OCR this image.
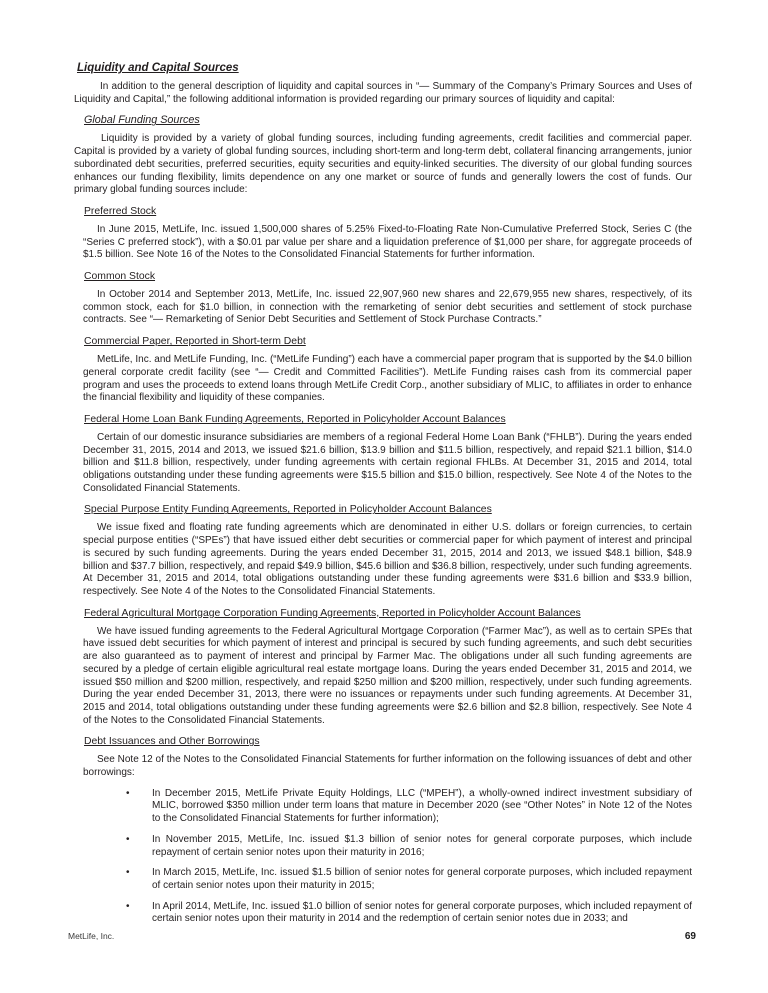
Liquidity and Capital Sources

In addition to the general description of liquidity and capital sources in “— Summary of the Company’s Primary Sources and Uses of Liquidity and Capital,” the following additional information is provided regarding our primary sources of liquidity and capital:

Global Funding Sources

Liquidity is provided by a variety of global funding sources, including funding agreements, credit facilities and commercial paper. Capital is provided by a variety of global funding sources, including short-term and long-term debt, collateral financing arrangements, junior subordinated debt securities, preferred securities, equity securities and equity-linked securities. The diversity of our global funding sources enhances our funding flexibility, limits dependence on any one market or source of funds and generally lowers the cost of funds. Our primary global funding sources include:

Preferred Stock

In June 2015, MetLife, Inc. issued 1,500,000 shares of 5.25% Fixed-to-Floating Rate Non-Cumulative Preferred Stock, Series C (the “Series C preferred stock”), with a $0.01 par value per share and a liquidation preference of $1,000 per share, for aggregate proceeds of $1.5 billion. See Note 16 of the Notes to the Consolidated Financial Statements for further information.

Common Stock

In October 2014 and September 2013, MetLife, Inc. issued 22,907,960 new shares and 22,679,955 new shares, respectively, of its common stock, each for $1.0 billion, in connection with the remarketing of senior debt securities and settlement of stock purchase contracts. See “— Remarketing of Senior Debt Securities and Settlement of Stock Purchase Contracts.”

Commercial Paper, Reported in Short-term Debt

MetLife, Inc. and MetLife Funding, Inc. (“MetLife Funding”) each have a commercial paper program that is supported by the $4.0 billion general corporate credit facility (see “— Credit and Committed Facilities”). MetLife Funding raises cash from its commercial paper program and uses the proceeds to extend loans through MetLife Credit Corp., another subsidiary of MLIC, to affiliates in order to enhance the financial flexibility and liquidity of these companies.

Federal Home Loan Bank Funding Agreements, Reported in Policyholder Account Balances

Certain of our domestic insurance subsidiaries are members of a regional Federal Home Loan Bank (“FHLB”). During the years ended December 31, 2015, 2014 and 2013, we issued $21.6 billion, $13.9 billion and $11.5 billion, respectively, and repaid $21.1 billion, $14.0 billion and $11.8 billion, respectively, under funding agreements with certain regional FHLBs. At December 31, 2015 and 2014, total obligations outstanding under these funding agreements were $15.5 billion and $15.0 billion, respectively. See Note 4 of the Notes to the Consolidated Financial Statements.

Special Purpose Entity Funding Agreements, Reported in Policyholder Account Balances

We issue fixed and floating rate funding agreements which are denominated in either U.S. dollars or foreign currencies, to certain special purpose entities (“SPEs”) that have issued either debt securities or commercial paper for which payment of interest and principal is secured by such funding agreements. During the years ended December 31, 2015, 2014 and 2013, we issued $48.1 billion, $48.9 billion and $37.7 billion, respectively, and repaid $49.9 billion, $45.6 billion and $36.8 billion, respectively, under such funding agreements. At December 31, 2015 and 2014, total obligations outstanding under these funding agreements were $31.6 billion and $33.9 billion, respectively. See Note 4 of the Notes to the Consolidated Financial Statements.

Federal Agricultural Mortgage Corporation Funding Agreements, Reported in Policyholder Account Balances

We have issued funding agreements to the Federal Agricultural Mortgage Corporation (“Farmer Mac”), as well as to certain SPEs that have issued debt securities for which payment of interest and principal is secured by such funding agreements, and such debt securities are also guaranteed as to payment of interest and principal by Farmer Mac. The obligations under all such funding agreements are secured by a pledge of certain eligible agricultural real estate mortgage loans. During the years ended December 31, 2015 and 2014, we issued $50 million and $200 million, respectively, and repaid $250 million and $200 million, respectively, under such funding agreements. During the year ended December 31, 2013, there were no issuances or repayments under such funding agreements. At December 31, 2015 and 2014, total obligations outstanding under these funding agreements were $2.6 billion and $2.8 billion, respectively. See Note 4 of the Notes to the Consolidated Financial Statements.

Debt Issuances and Other Borrowings

See Note 12 of the Notes to the Consolidated Financial Statements for further information on the following issuances of debt and other borrowings:

•	In December 2015, MetLife Private Equity Holdings, LLC (“MPEH”), a wholly-owned indirect investment subsidiary of MLIC, borrowed $350 million under term loans that mature in December 2020 (see “Other Notes” in Note 12 of the Notes to the Consolidated Financial Statements for further information);
•	In November 2015, MetLife, Inc. issued $1.3 billion of senior notes for general corporate purposes, which include repayment of certain senior notes upon their maturity in 2016;
•	In March 2015, MetLife, Inc. issued $1.5 billion of senior notes for general corporate purposes, which included repayment of certain senior notes upon their maturity in 2015;
•	In April 2014, MetLife, Inc. issued $1.0 billion of senior notes for general corporate purposes, which included repayment of certain senior notes upon their maturity in 2014 and the redemption of certain senior notes due in 2033; and
MetLife, Inc.	69
